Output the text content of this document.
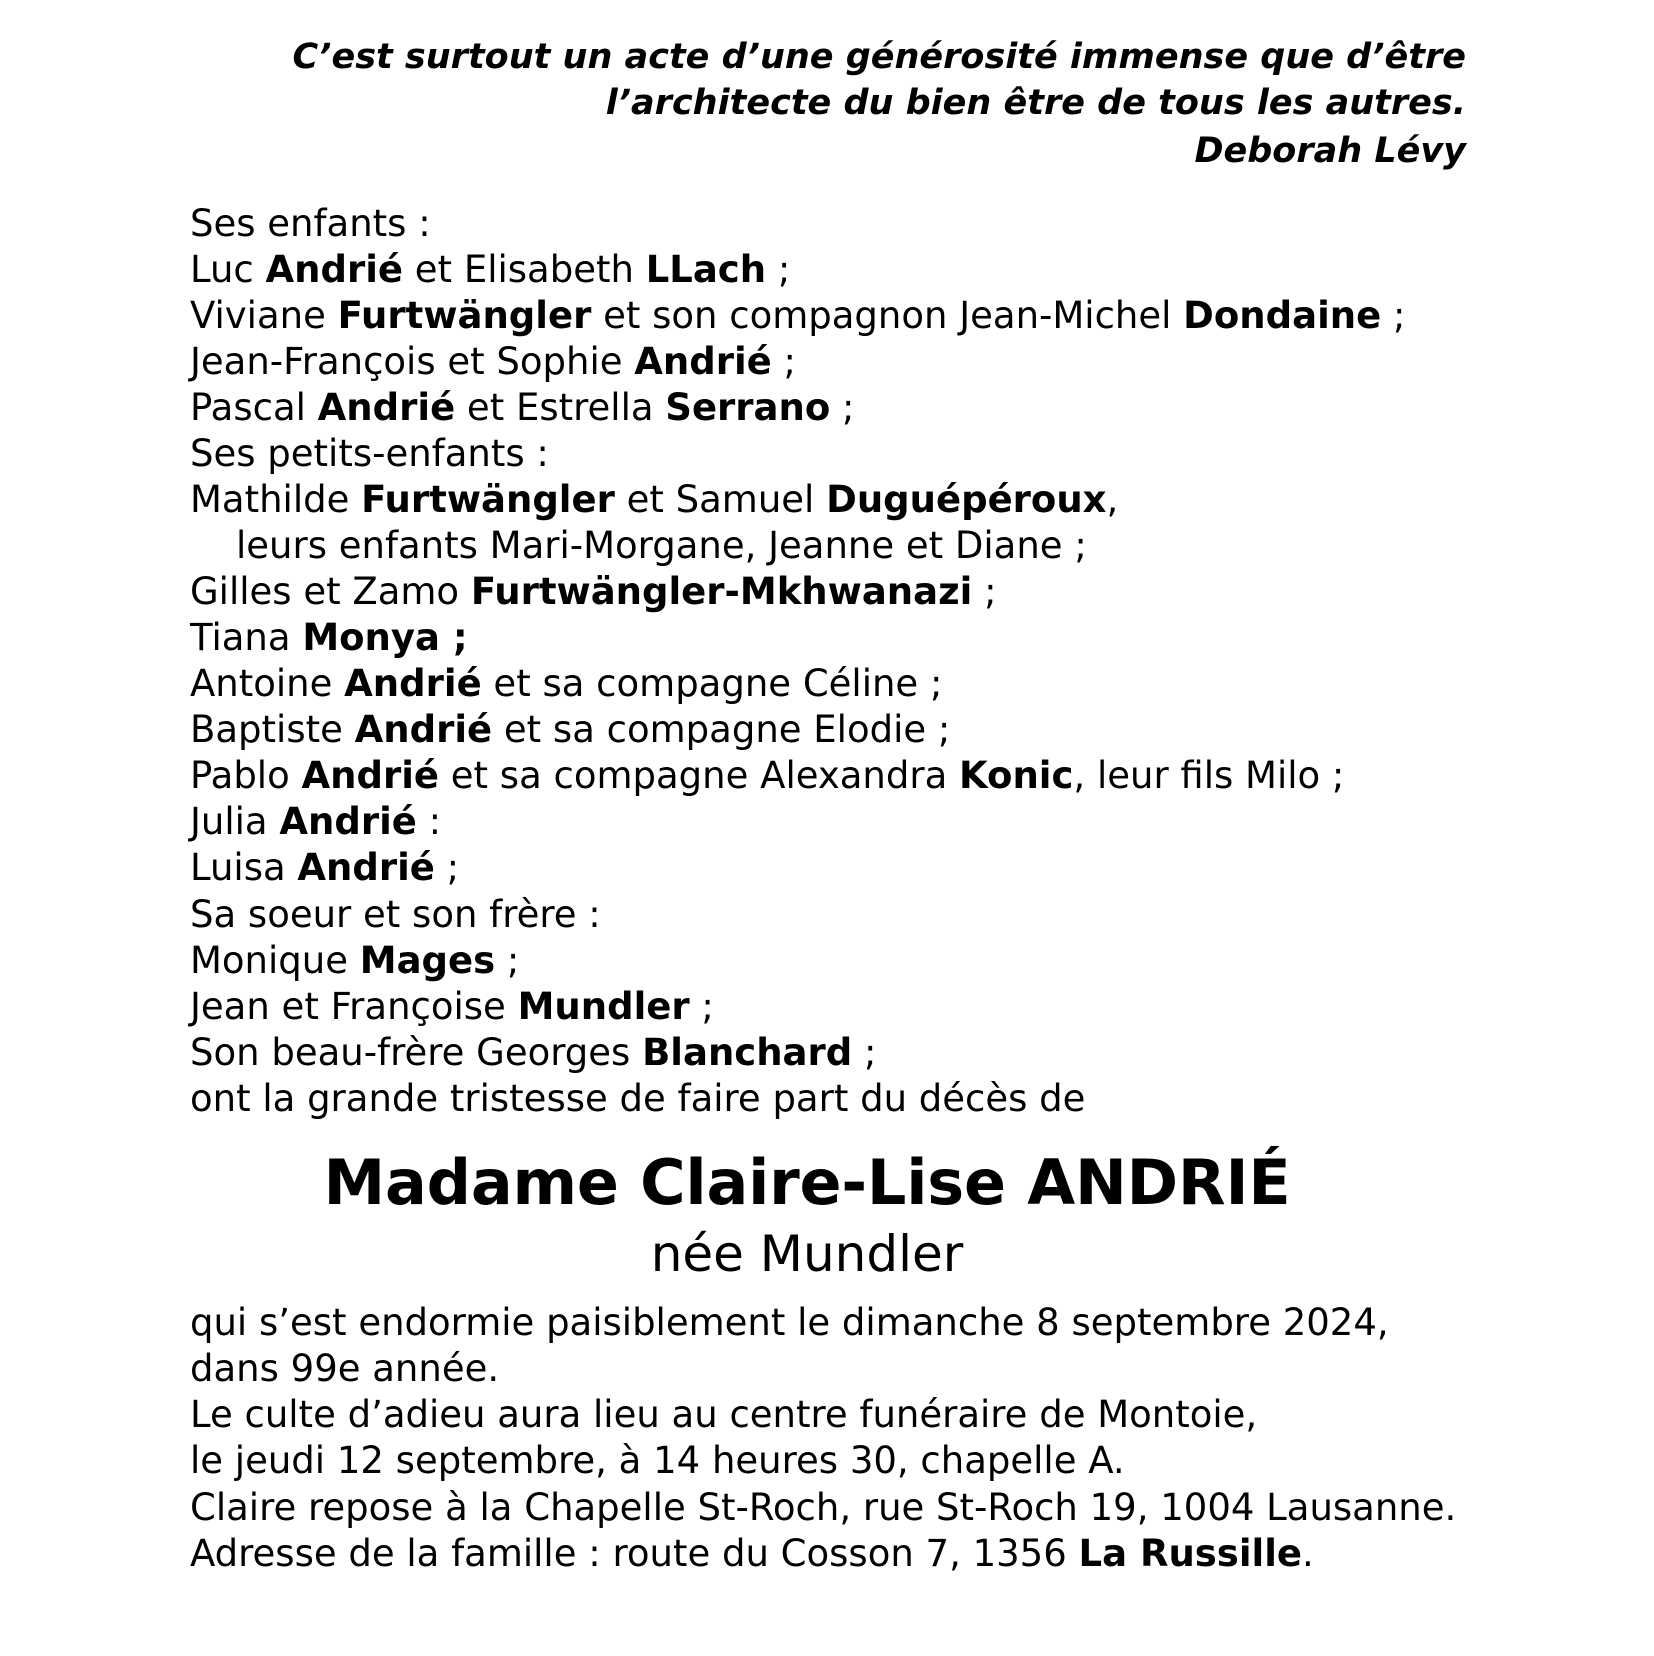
C’est surtout un acte d’une générosité immense que d’être l’architecte du bien être de tous les autres.
Deborah Lévy
Ses enfants :
Luc Andrié et Elisabeth LLach ;
Viviane Furtwängler et son compagnon Jean-Michel Dondaine ;
Jean-François et Sophie Andrié ;
Pascal Andrié et Estrella Serrano ;
Ses petits-enfants :
Mathilde Furtwängler et Samuel Duguépéroux,
leurs enfants Mari-Morgane, Jeanne et Diane ;
Gilles et Zamo Furtwängler-Mkhwanazi ;
Tiana Monya ;
Antoine Andrié et sa compagne Céline ;
Baptiste Andrié et sa compagne Elodie ;
Pablo Andrié et sa compagne Alexandra Konic, leur fils Milo ;
Julia Andrié :
Luisa Andrié ;
Sa soeur et son frère :
Monique Mages ;
Jean et Françoise Mundler ;
Son beau-frère Georges Blanchard ;
ont la grande tristesse de faire part du décès de
Madame Claire-Lise ANDRIÉ
née Mundler
qui s’est endormie paisiblement le dimanche 8 septembre 2024,
dans 99e année.
Le culte d’adieu aura lieu au centre funéraire de Montoie,
le jeudi 12 septembre, à 14 heures 30, chapelle A.
Claire repose à la Chapelle St-Roch, rue St-Roch 19, 1004 Lausanne.
Adresse de la famille : route du Cosson 7, 1356 La Russille.
